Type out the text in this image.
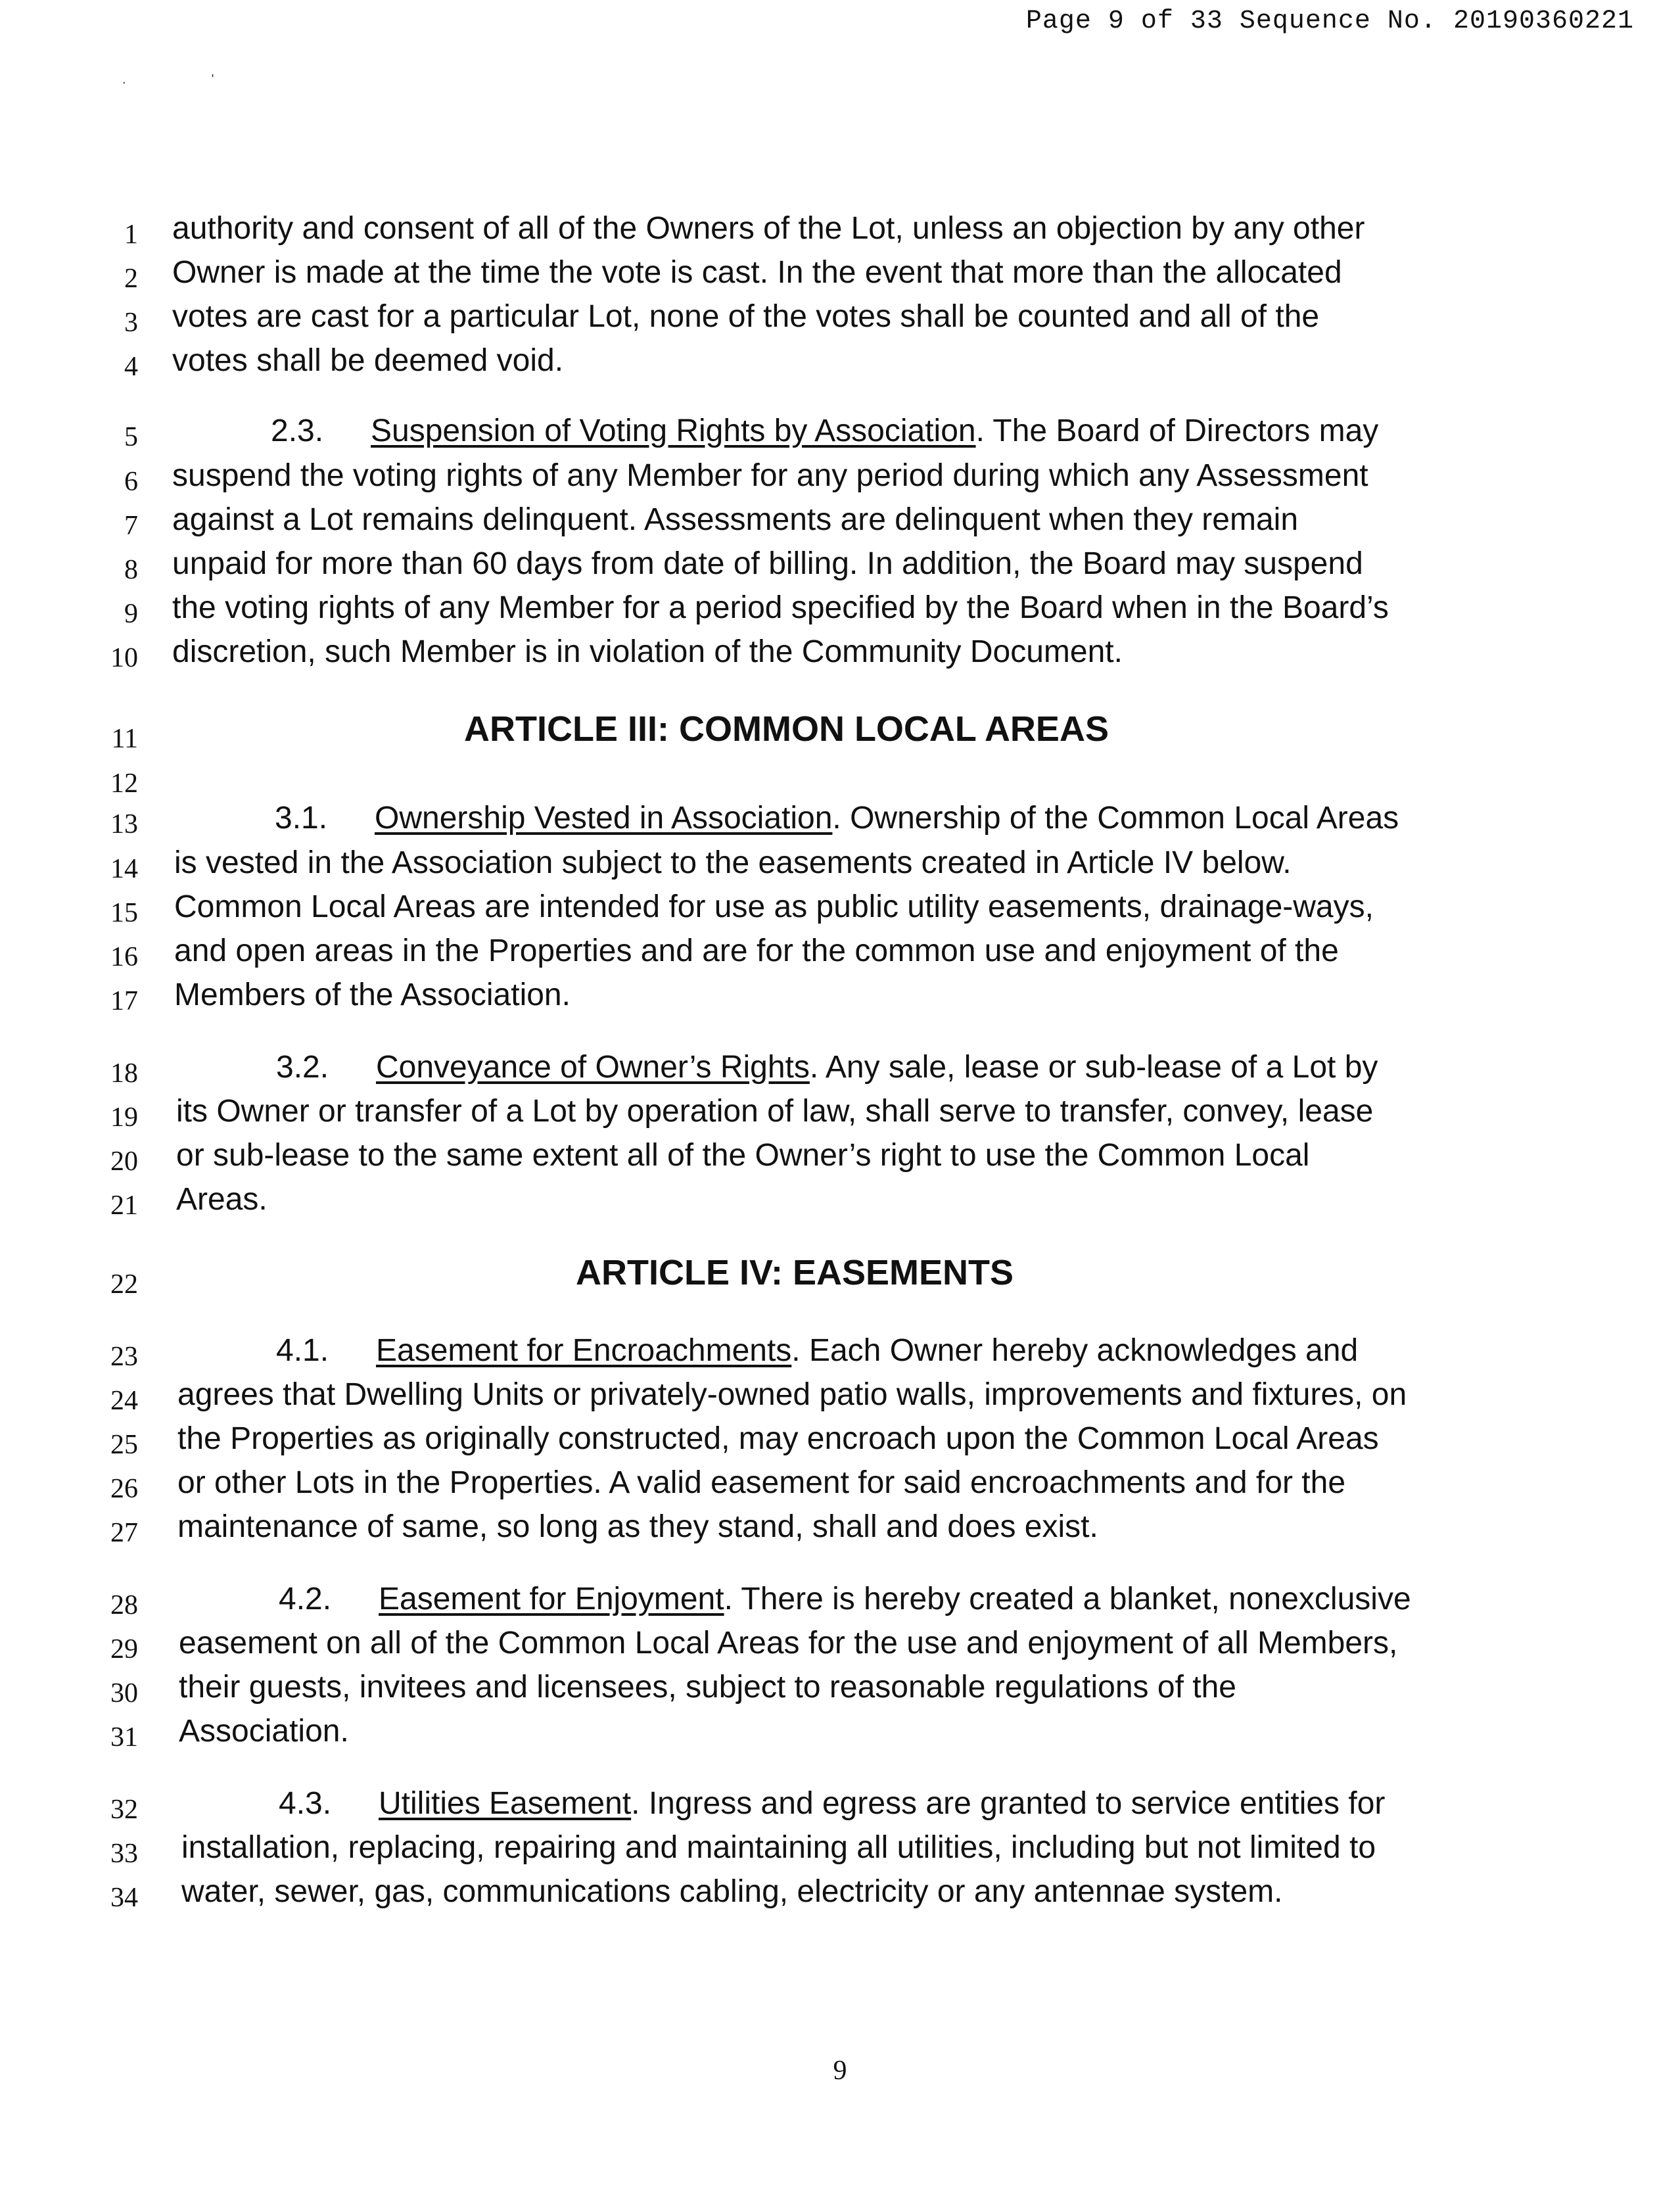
Page 9 of 33 Sequence No. 20190360221
.	'
1
2
3
4
5
6
7
8
9
10
11
12
13
14
15
16
17
18
19
20
21
22
23
24
25
26
27
28
29
30
31
32
33
34
authority and consent of all of the Owners of the Lot, unless an objection by any other
Owner is made at the time the vote is cast. In the event that more than the allocated
votes are cast for a particular Lot, none of the votes shall be counted and all of the
votes shall be deemed void.
2.3. Suspension of Voting Rights by Association. The Board of Directors may
suspend the voting rights of any Member for any period during which any Assessment
against a Lot remains delinquent. Assessments are delinquent when they remain
unpaid for more than 60 days from date of billing. In addition, the Board may suspend
the voting rights of any Member for a period specified by the Board when in the Board’s
discretion, such Member is in violation of the Community Document.
ARTICLE III: COMMON LOCAL AREAS
3.1. Ownership Vested in Association. Ownership of the Common Local Areas
is vested in the Association subject to the easements created in Article IV below.
Common Local Areas are intended for use as public utility easements, drainage-ways,
and open areas in the Properties and are for the common use and enjoyment of the
Members of the Association.
3.2. Conveyance of Owner’s Rights. Any sale, lease or sub-lease of a Lot by
its Owner or transfer of a Lot by operation of law, shall serve to transfer, convey, lease
or sub-lease to the same extent all of the Owner’s right to use the Common Local
Areas.
ARTICLE IV: EASEMENTS
4.1. Easement for Encroachments. Each Owner hereby acknowledges and
agrees that Dwelling Units or privately-owned patio walls, improvements and fixtures, on
the Properties as originally constructed, may encroach upon the Common Local Areas
or other Lots in the Properties. A valid easement for said encroachments and for the
maintenance of same, so long as they stand, shall and does exist.
4.2. Easement for Enjoyment. There is hereby created a blanket, nonexclusive
easement on all of the Common Local Areas for the use and enjoyment of all Members,
their guests, invitees and licensees, subject to reasonable regulations of the
Association.
4.3. Utilities Easement. Ingress and egress are granted to service entities for
installation, replacing, repairing and maintaining all utilities, including but not limited to
water, sewer, gas, communications cabling, electricity or any antennae system.
9
